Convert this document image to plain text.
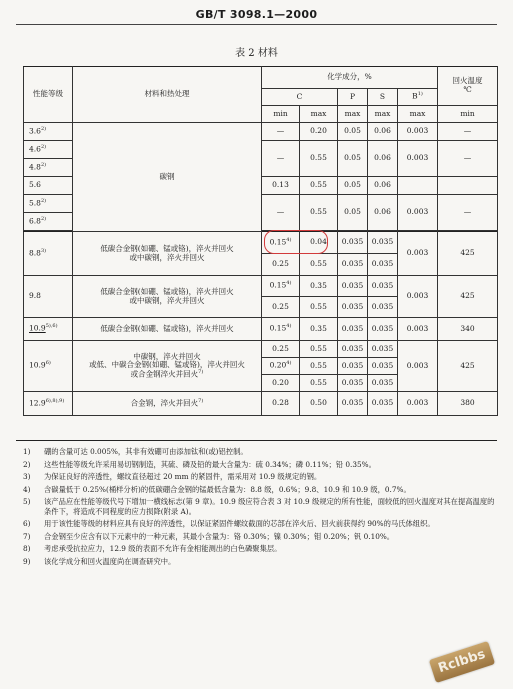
GB/T 3098.1—2000
表 2 材料
性能等级	材料和热处理	化学成分，%					回火温度
℃
		C		P	S	$B^{1)}$
		min	max	max	max	max	min
3.6$^{2)}$	碳钢	—	0.20	0.05	0.06	0.003	—
4.6$^{2)}$		—	0.55	0.05	0.06	0.003	—
4.8$^{2)}$
5.6		0.13	0.55	0.05	0.06		
5.8$^{2)}$		—	0.55	0.05	0.06	0.003	—
6.8$^{2)}$

8.8$^{3)}$	低碳合金钢(如硼、锰或铬)，淬火并回火
或中碳钢，淬火并回火	0.15$^{4)}$	0.04	0.035	0.035	0.003	425
		0.25	0.55	0.035	0.035		
9.8	低碳合金钢(如硼、锰或铬)，淬火并回火
或中碳钢，淬火并回火	0.15$^{4)}$	0.35	0.035	0.035	0.003	425
		0.25	0.55	0.035	0.035		
$10.9^{5),6)}$	低碳合金钢(如硼、锰或铬)，淬火并回火	0.15$^{4)}$	0.35	0.035	0.035	0.003	340
10.9$^{6)}$	中碳钢，淬火并回火
或低、中碳合金钢(如硼、锰或铬)，淬火并回火
或合金钢淬火并回火$^{7)}$	0.25	0.55	0.035	0.035	0.003	425
		0.20$^{4)}$	0.55	0.035	0.035		
		0.20	0.55	0.035	0.035		
$12.9^{6),8),9)}$	合金钢，淬火并回火$^{7)}$	0.28	0.50	0.035	0.035	0.003	380
1) 硼的含量可达 0.005%，其非有效硼可由添加钛和(或)铝控制。
2) 这些性能等级允许采用易切钢制造，其硫、磷及铅的最大含量为：硫 0.34%；磷 0.11%；铅 0.35%。
3) 为保证良好的淬透性，螺纹直径超过 20 mm 的紧固件，需采用对 10.9 级规定的钢。
4) 含碳量低于 0.25%(桶样分析)的低碳硼合金钢的锰最低含量为：8.8 级，0.6%；9.8、10.9 和 10.9 级，0.7%。
5) 该产品应在性能等级代号下增加一横线标志(第 9 章)。10.9 级应符合表 3 对 10.9 级规定的所有性能，面较低的回火温度对其在提高温度的条件下，将造成不同程度的应力损降(附录 A)。
6) 用于该性能等级的材料应具有良好的淬透性，以保证紧固件螺纹截面的芯部在淬火后、回火前获得约 90%的马氏体组织。
7) 合金钢至少应含有以下元素中的一种元素，其最小含量为：铬 0.30%；镍 0.30%；钼 0.20%；钒 0.10%。
8) 考虑承受抗拉应力，12.9 级的表面不允许有金相能测出的白色磷聚集层。
9) 该化学成分和回火温度尚在调查研究中。
Rclbbs
